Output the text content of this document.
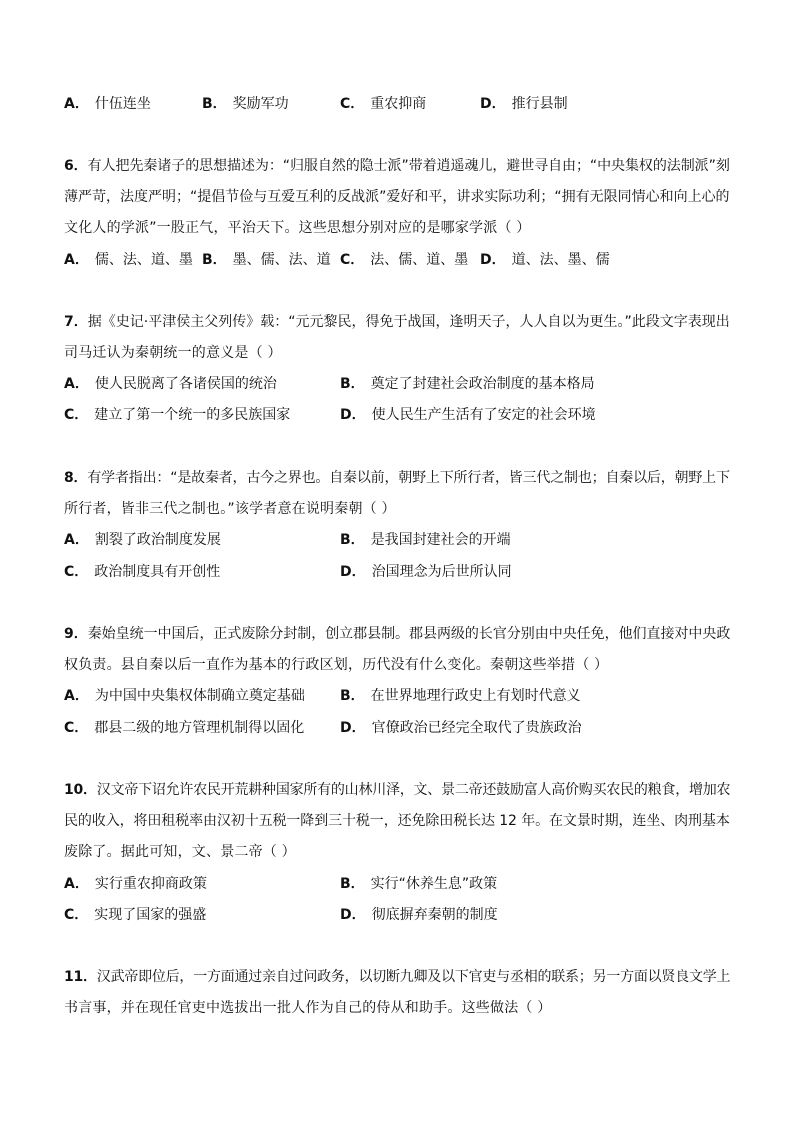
A． 什伍连坐	B． 奖励军功	C． 重农抑商	D． 推行县制
6．有人把先秦诸子的思想描述为：“归服自然的隐士派”带着逍遥魂儿，避世寻自由；“中央集权的法制派”刻
薄严苛，法度严明；“提倡节俭与互爱互利的反战派”爱好和平，讲求实际功利；“拥有无限同情心和向上心的
文化人的学派”一股正气，平治天下。这些思想分别对应的是哪家学派（ ）
A． 儒、法、道、墨 B． 墨、儒、法、道 C． 法、儒、道、墨 D． 道、法、墨、儒
7．据《史记·平津侯主父列传》载：“元元黎民，得免于战国，逢明天子，人人自以为更生。”此段文字表现出
司马迁认为秦朝统一的意义是（ ）
A． 使人民脱离了各诸侯国的统治	B． 奠定了封建社会政治制度的基本格局
C． 建立了第一个统一的多民族国家	D． 使人民生产生活有了安定的社会环境
8．有学者指出：“是故秦者，古今之界也。自秦以前，朝野上下所行者，皆三代之制也；自秦以后，朝野上下
所行者，皆非三代之制也。”该学者意在说明秦朝（ ）
A． 割裂了政治制度发展	B． 是我国封建社会的开端
C． 政治制度具有开创性	D． 治国理念为后世所认同
9．秦始皇统一中国后，正式废除分封制，创立郡县制。郡县两级的长官分别由中央任免，他们直接对中央政
权负责。县自秦以后一直作为基本的行政区划，历代没有什么变化。秦朝这些举措（ ）
A． 为中国中央集权体制确立奠定基础	B． 在世界地理行政史上有划时代意义
C． 郡县二级的地方管理机制得以固化	D． 官僚政治已经完全取代了贵族政治
10．汉文帝下诏允许农民开荒耕种国家所有的山林川泽，文、景二帝还鼓励富人高价购买农民的粮食，增加农
民的收入，将田租税率由汉初十五税一降到三十税一，还免除田税长达 12 年。在文景时期，连坐、肉刑基本
废除了。据此可知，文、景二帝（ ）
A． 实行重农抑商政策	B． 实行“休养生息”政策
C． 实现了国家的强盛	D． 彻底摒弃秦朝的制度
11．汉武帝即位后，一方面通过亲自过问政务，以切断九卿及以下官吏与丞相的联系；另一方面以贤良文学上
书言事，并在现任官吏中选拔出一批人作为自己的侍从和助手。这些做法（ ）
